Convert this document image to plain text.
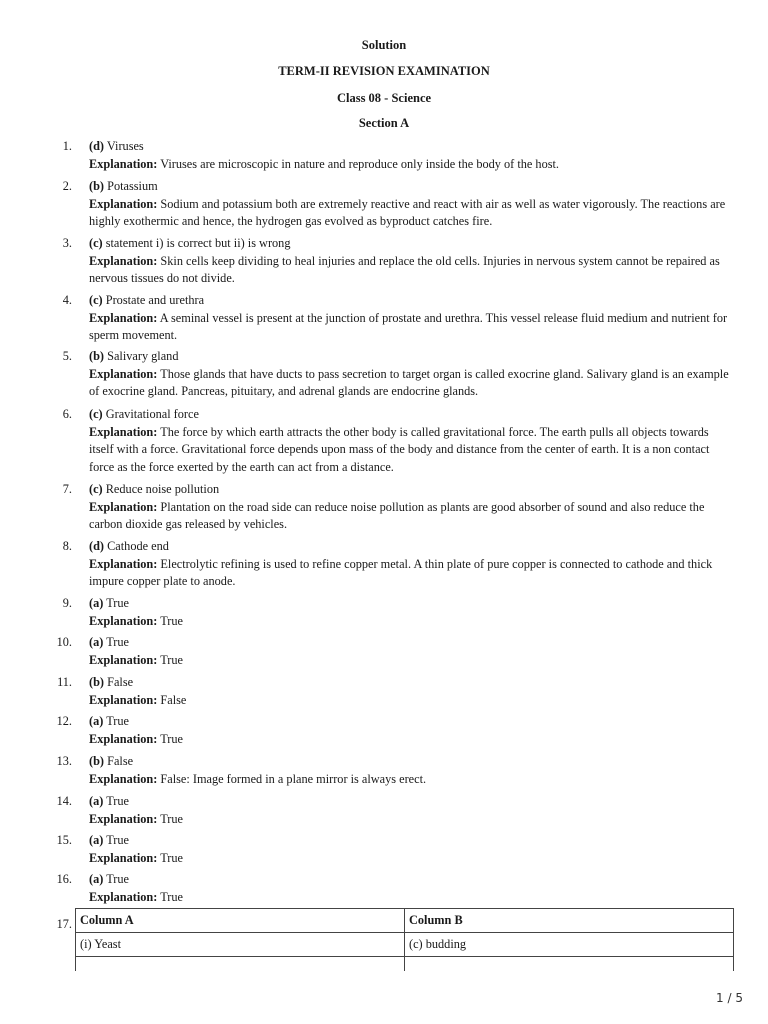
Solution
TERM-II REVISION EXAMINATION
Class 08 - Science
Section A
1. (d) Viruses
Explanation: Viruses are microscopic in nature and reproduce only inside the body of the host.
2. (b) Potassium
Explanation: Sodium and potassium both are extremely reactive and react with air as well as water vigorously. The reactions are highly exothermic and hence, the hydrogen gas evolved as byproduct catches fire.
3. (c) statement i) is correct but ii) is wrong
Explanation: Skin cells keep dividing to heal injuries and replace the old cells. Injuries in nervous system cannot be repaired as nervous tissues do not divide.
4. (c) Prostate and urethra
Explanation: A seminal vessel is present at the junction of prostate and urethra. This vessel release fluid medium and nutrient for sperm movement.
5. (b) Salivary gland
Explanation: Those glands that have ducts to pass secretion to target organ is called exocrine gland. Salivary gland is an example of exocrine gland. Pancreas, pituitary, and adrenal glands are endocrine glands.
6. (c) Gravitational force
Explanation: The force by which earth attracts the other body is called gravitational force. The earth pulls all objects towards itself with a force. Gravitational force depends upon mass of the body and distance from the center of earth. It is a non contact force as the force exerted by the earth can act from a distance.
7. (c) Reduce noise pollution
Explanation: Plantation on the road side can reduce noise pollution as plants are good absorber of sound and also reduce the carbon dioxide gas released by vehicles.
8. (d) Cathode end
Explanation: Electrolytic refining is used to refine copper metal. A thin plate of pure copper is connected to cathode and thick impure copper plate to anode.
9. (a) True
Explanation: True
10. (a) True
Explanation: True
11. (b) False
Explanation: False
12. (a) True
Explanation: True
13. (b) False
Explanation: False: Image formed in a plane mirror is always erect.
14. (a) True
Explanation: True
15. (a) True
Explanation: True
16. (a) True
Explanation: True
17. Column A	Column B
(i) Yeast	(c) budding

1 / 5
